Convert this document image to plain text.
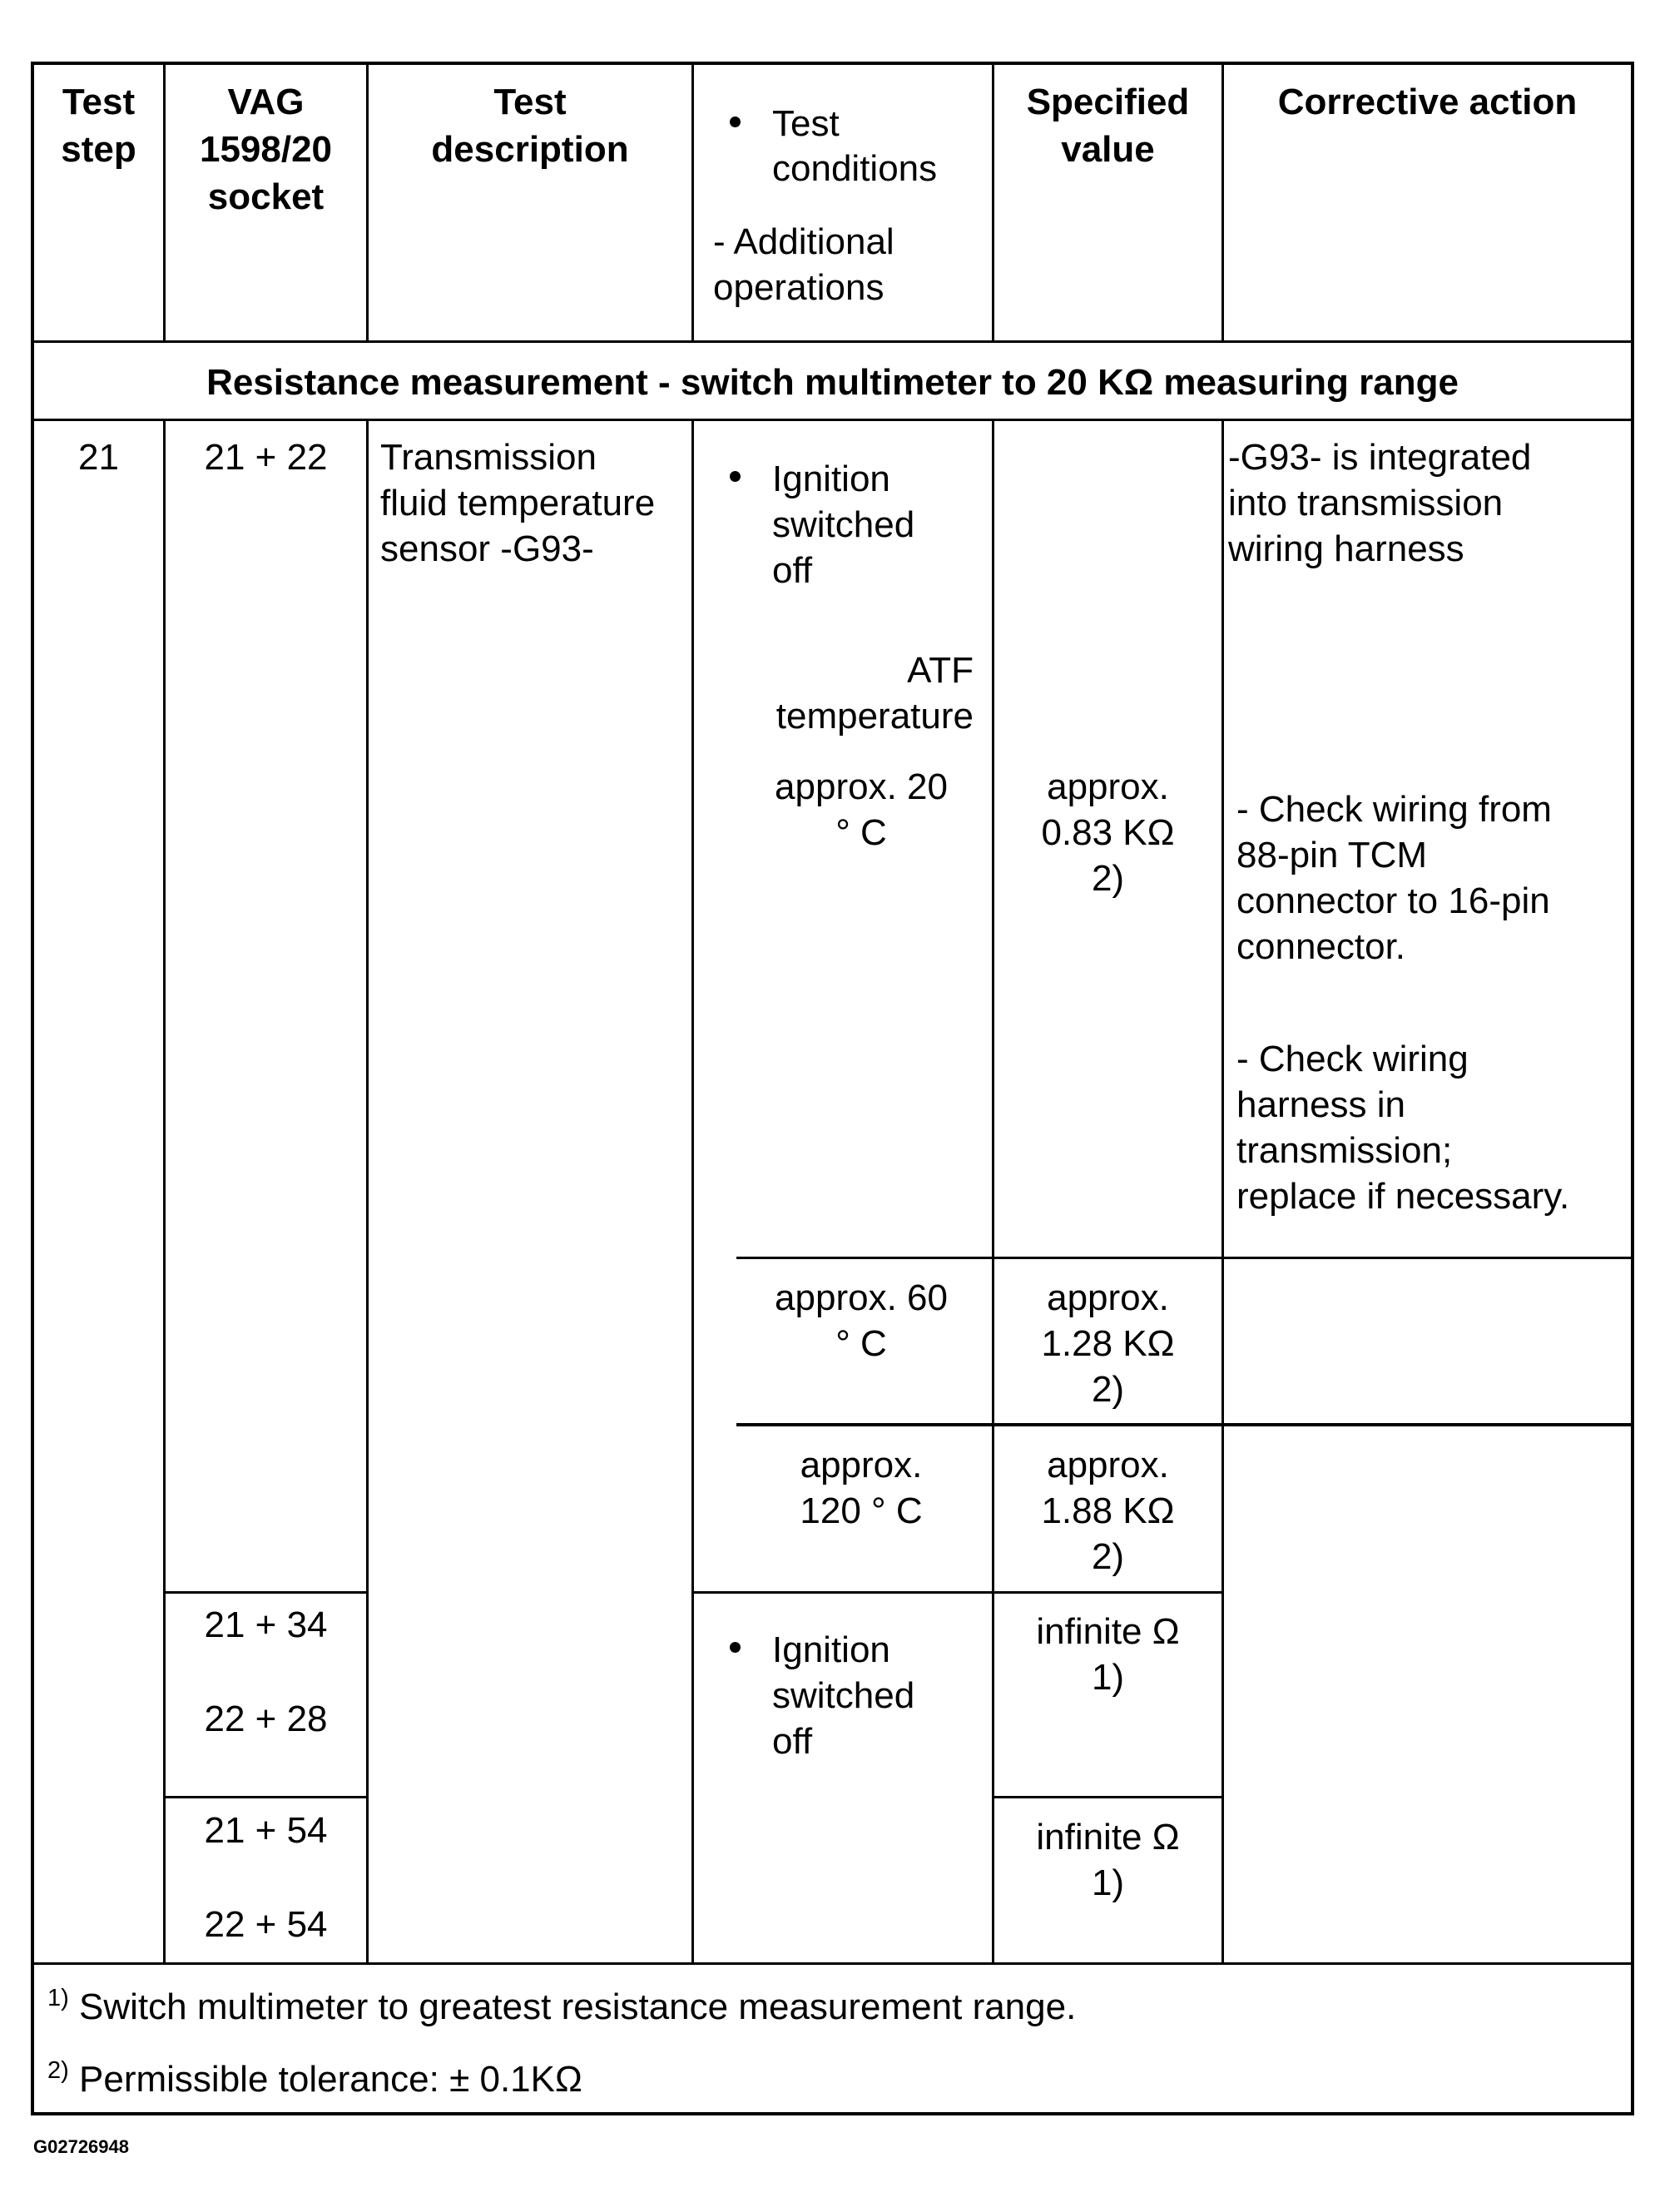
Test
step
VAG
1598/20
socket
Test
description
Test
conditions
- Additional
operations
Specified
value
Corrective action
Resistance measurement - switch multimeter to 20 KΩ measuring range
21	21 + 22	Transmission
fluid temperature
sensor -G93-
Ignition
switched
off
ATF
temperature
-G93- is integrated
into transmission
wiring harness
- Check wiring from
88-pin TCM
connector to 16-pin
connector.
- Check wiring
harness in
transmission;
replace if necessary.
approx. 20
° C
approx.
0.83 KΩ
2)
approx. 60
° C
approx.
1.28 KΩ
2)
approx.
120 ° C
approx.
1.88 KΩ
2)
21 + 34
22 + 28
Ignition
switched
off
infinite Ω
1)
21 + 54
22 + 54
infinite Ω
1)
$^{1)}$ Switch multimeter to greatest resistance measurement range.
$^{2)}$ Permissible tolerance: ± 0.1KΩ
G02726948
